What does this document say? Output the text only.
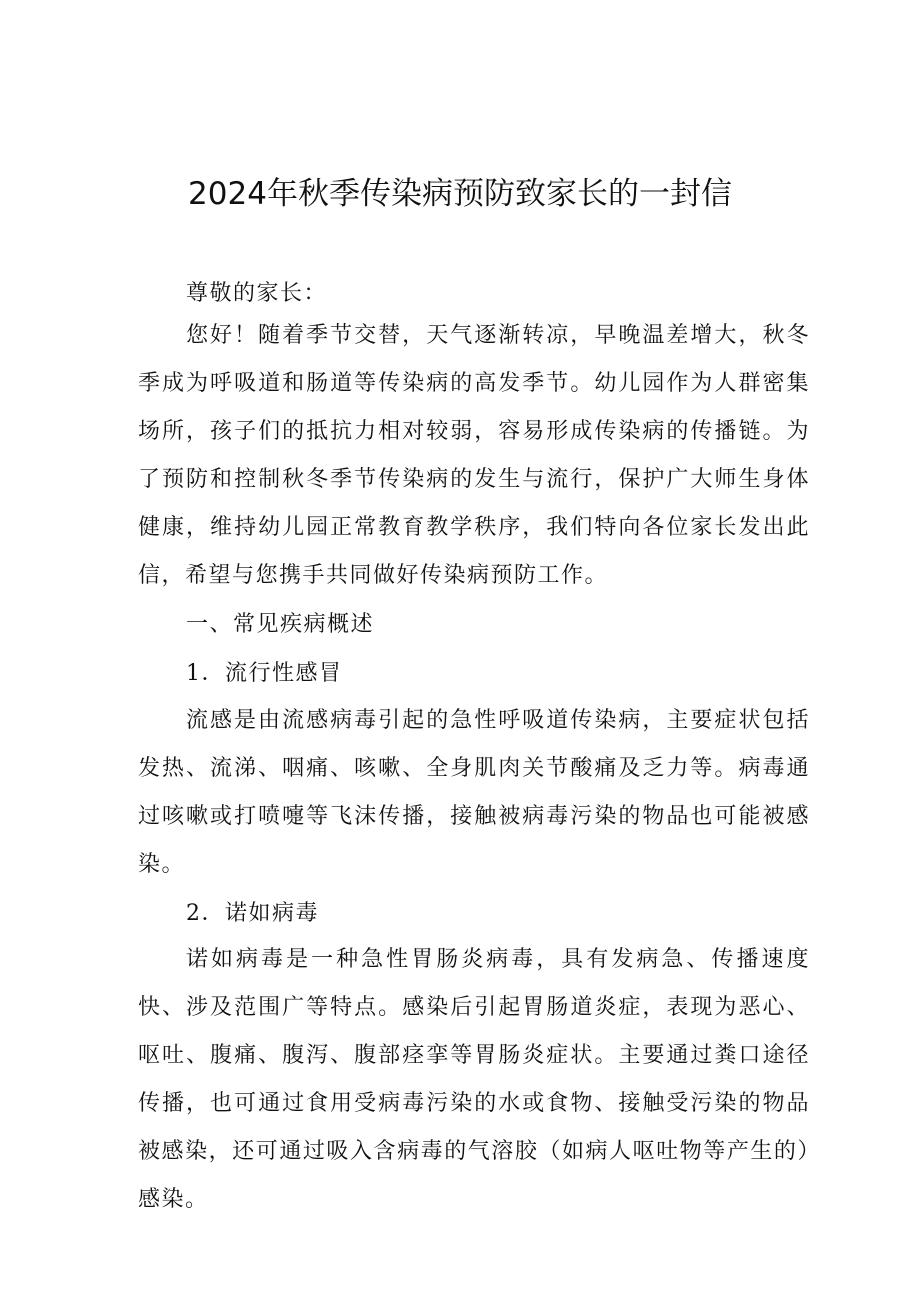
2024年秋季传染病预防致家长的一封信
尊敬的家长：
您好！随着季节交替，天气逐渐转凉，早晚温差增大，秋冬季成为呼吸道和肠道等传染病的高发季节。幼儿园作为人群密集场所，孩子们的抵抗力相对较弱，容易形成传染病的传播链。为了预防和控制秋冬季节传染病的发生与流行，保护广大师生身体健康，维持幼儿园正常教育教学秩序，我们特向各位家长发出此信，希望与您携手共同做好传染病预防工作。
一、常见疾病概述
1．流行性感冒
流感是由流感病毒引起的急性呼吸道传染病，主要症状包括发热、流涕、咽痛、咳嗽、全身肌肉关节酸痛及乏力等。病毒通过咳嗽或打喷嚏等飞沫传播，接触被病毒污染的物品也可能被感染。
2．诺如病毒
诺如病毒是一种急性胃肠炎病毒，具有发病急、传播速度快、涉及范围广等特点。感染后引起胃肠道炎症，表现为恶心、呕吐、腹痛、腹泻、腹部痉挛等胃肠炎症状。主要通过粪口途径传播，也可通过食用受病毒污染的水或食物、接触受污染的物品被感染，还可通过吸入含病毒的气溶胶（如病人呕吐物等产生的）感染。
